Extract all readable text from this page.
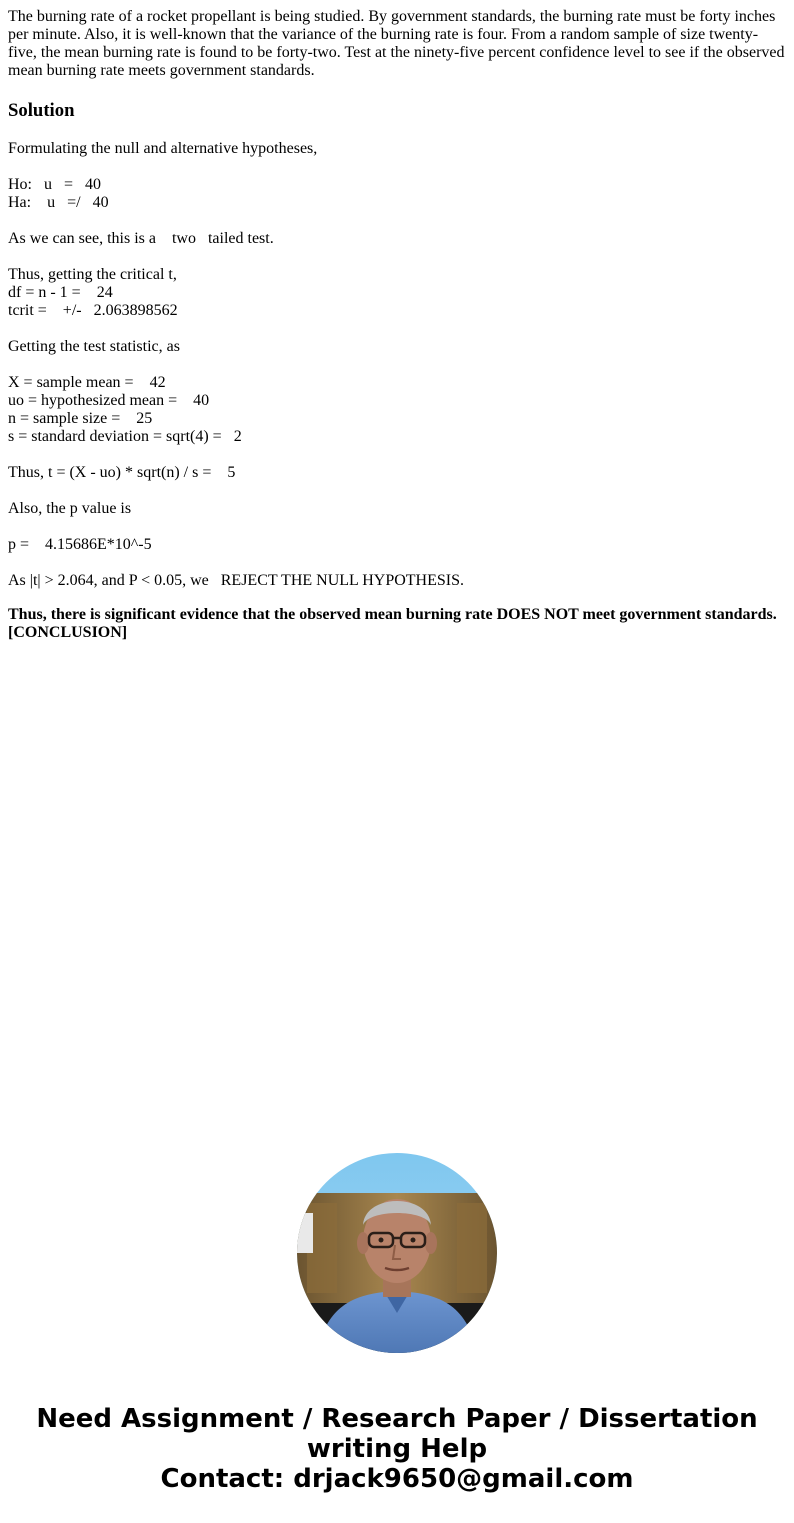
The burning rate of a rocket propellant is being studied. By government standards, the burning rate must be forty inches per minute. Also, it is well-known that the variance of the burning rate is four. From a random sample of size twenty-five, the mean burning rate is found to be forty-two. Test at the ninety-five percent confidence level to see if the observed mean burning rate meets government standards.

Solution
Formulating the null and alternative hypotheses,
Ho:   u   =   40
Ha:    u   =/   40
As we can see, this is a    two   tailed test.
Thus, getting the critical t,
df = n - 1 =    24
tcrit =    +/-   2.063898562
Getting the test statistic, as
X = sample mean =    42
uo = hypothesized mean =    40
n = sample size =    25
s = standard deviation = sqrt(4) =   2
Thus, t = (X - uo) * sqrt(n) / s =    5
Also, the p value is
p =    4.15686E*10^-5
As |t| > 2.064, and P < 0.05, we   REJECT THE NULL HYPOTHESIS.
Thus, there is significant evidence that the observed mean burning rate DOES NOT meet government standards. [CONCLUSION]
Need Assignment / Research Paper / Dissertation
writing Help
Contact: drjack9650@gmail.com
